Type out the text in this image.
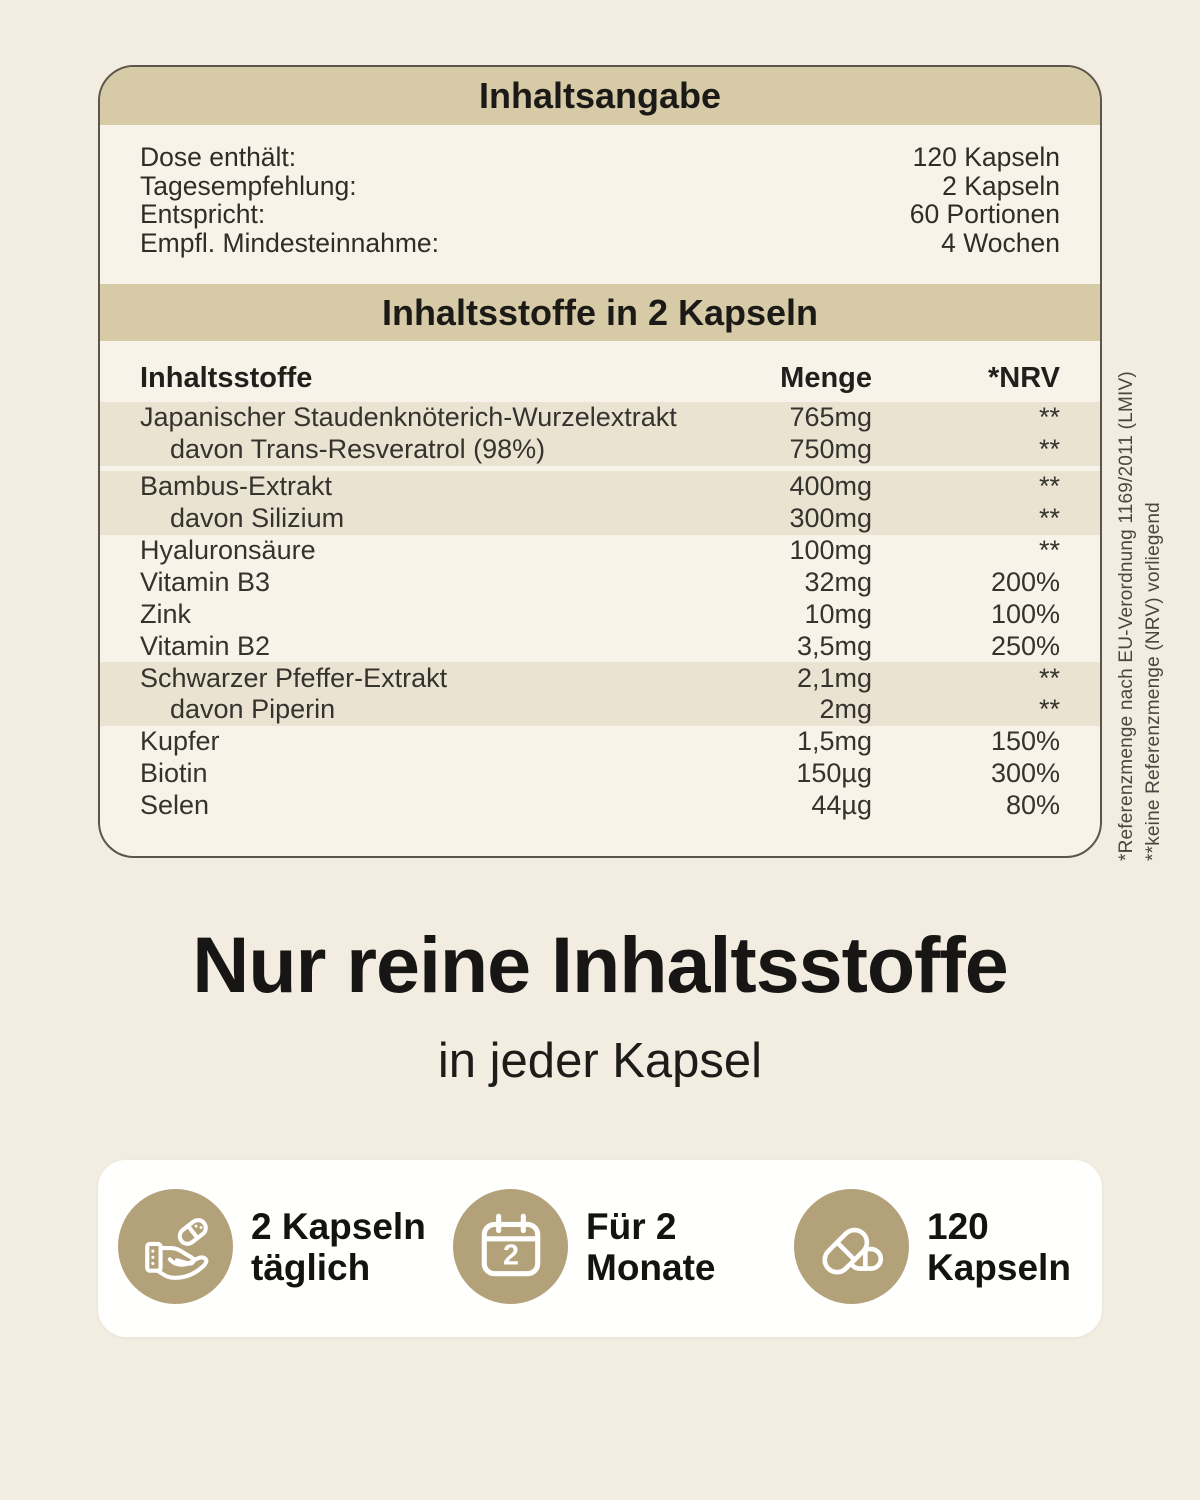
Inhaltsangabe
Dose enthält:	120 Kapseln
Tagesempfehlung:	2 Kapseln
Entspricht:	60 Portionen
Empfl. Mindesteinnahme:	4 Wochen
Inhaltsstoffe in 2 Kapseln
Inhaltsstoffe	Menge	*NRV
Japanischer Staudenknöterich-Wurzelextrakt	765mg	**
davon Trans-Resveratrol (98%)	750mg	**
Bambus-Extrakt	400mg	**
davon Silizium	300mg	**
Hyaluronsäure	100mg	**
Vitamin B3	32mg	200%
Zink	10mg	100%
Vitamin B2	3,5mg	250%
Schwarzer Pfeffer-Extrakt	2,1mg	**
davon Piperin	2mg	**
Kupfer	1,5mg	150%
Biotin	150µg	300%
Selen	44µg	80%	*Referenzmenge nach EU-Verordnung 1169/2011 (LMIV) **keine Referenzmenge (NRV) vorliegend
Nur reine Inhaltsstoffe
in jeder Kapsel
2 Kapseln
täglich	2
Für 2
Monate
120
Kapseln
